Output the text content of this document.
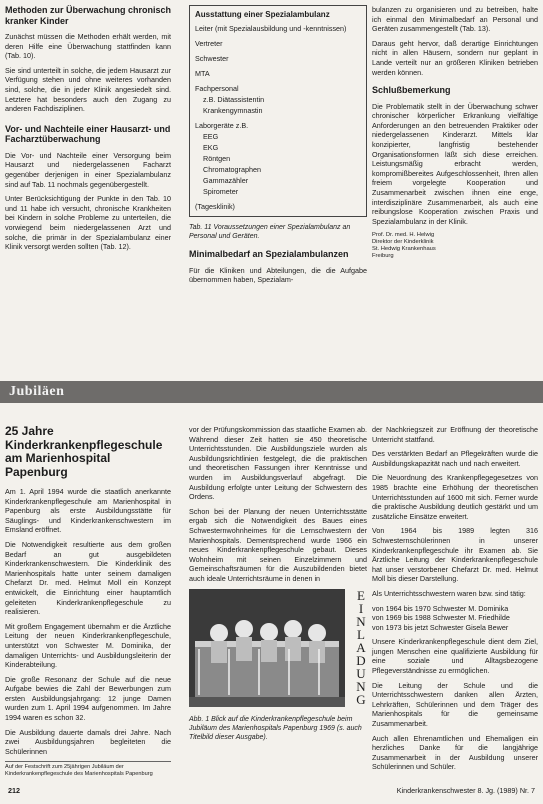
Methoden zur Überwachung chronisch kranker Kinder

Zunächst müssen die Methoden erhält werden, mit deren Hilfe eine Überwachung stattfinden kann (Tab. 10).

Sie sind unterteilt in solche, die jedem Hausarzt zur Verfügung stehen und ohne weiteres vorhanden sind, solche, die in jeder Klinik angesiedelt sind. Letztere hat besonders auch den Zugang zu anderen Fachdisziplinen.

Vor- und Nachteile einer Hausarzt- und Facharztüberwachung

Die Vor- und Nachteile einer Versorgung beim Hausarzt und niedergelassenen Facharzt gegenüber derjenigen in einer Spezialambulanz sind auf Tab. 11 nochmals gegenübergestellt.

Unter Berücksichtigung der Punkte in den Tab. 10 und 11 habe ich versucht, chronische Krankheiten bei Kindern in solche Probleme zu unterteilen, die vorwiegend beim niedergelassenen Arzt und solche, die primär in der Spezialambulanz einer Klinik versorgt werden sollten (Tab. 12).

Ausstattung einer Spezialambulanz
Leiter (mit Spezialausbildung und -kenntnissen)
Vertreter
Schwester
MTA
Fachpersonal
z.B. Diätassistentin
Krankengymnastin
Laborgeräte z.B.
EEG
EKG
Röntgen
Chromatographen
Gammazähler
Spirometer
(Tagesklinik)
Tab. 11 Voraussetzungen einer Spezialambulanz an Personal und Geräten.
Minimalbedarf an Spezialambulanzen

Für die Kliniken und Abteilungen, die die Aufgabe übernommen haben, Spezialam-

bulanzen zu organisieren und zu betreiben, halte ich einmal den Minimalbedarf an Personal und Geräten zusammengestellt (Tab. 13).

Daraus geht hervor, daß derartige Einrichtungen nicht in allen Häusern, sondern nur geplant in Lande verteilt nur an größeren Kliniken betrieben werden können.

Schlußbemerkung

Die Problematik stellt in der Überwachung schwer chronischer körperlicher Erkrankung vielfältige Anforderungen an den betreuenden Praktiker oder niedergelassenen Kinderarzt. Mittels klar konzipierter, langfristig bestehender Organisationsformen läßt sich diese erreichen. Leistungsmäßig erbracht werden, kompromißbereites Aufgeschlossenheit, Ihren allen freiem vorgelegte Kooperation und Zusammenarbeit zwischen ihnen eine enge, interdisziplinäre Zusammenarbeit, als auch eine reibungslose Kooperation zwischen Praxis und Spezialambulanz in der Klinik.

Prof. Dr. med. H. Helwig
Direktor der Kinderklinik
St. Hedwig Krankenhaus
Freiburg
Jubiläen
25 Jahre Kinderkrankenpflegeschule am Marienhospital Papenburg

Am 1. April 1994 wurde die staatlich anerkannte Kinderkrankenpflegeschule am Marienhospital in Papenburg als erste Ausbildungsstätte für Säuglings- und Kinderkrankenschwestern im Emsland eröffnet.

Die Notwendigkeit resultierte aus dem großen Bedarf an gut ausgebildeten Kinderkrankenschwestern. Die Kinderklinik des Marienhospitals hatte unter seinem damaligen Chefarzt Dr. med. Helmut Moll ein Konzept entwickelt, die Einrichtung einer hauptamtlich geleiteten Kinderkrankenpflegeschule zu realisieren.

Mit großem Engagement übernahm er die Ärztliche Leitung der neuen Kinderkrankenpflegeschule, unterstützt von Schwester M. Dominika, der damaligen Unterrichts- und Ausbildungsleiterin der Kinderabteilung.

Die große Resonanz der Schule auf die neue Aufgabe bewies die Zahl der Bewerbungen zum ersten Ausbildungsjahrgang: 12 junge Damen wurden zum 1. April 1994 aufgenommen. Im Jahre 1994 waren es schon 32.

Die Ausbildung dauerte damals drei Jahre. Nach zwei Ausbildungsjahren begleiteten die Schülerinnen

Auf der Festschrift zum 25jährigen Jubiläum der Kinderkrankenpflegeschule des Marienhospitals Papenburg

vor der Prüfungskommission das staatliche Examen ab. Während dieser Zeit hatten sie 450 theoretische Unterrichtsstunden. Die Ausbildungsziele wurden als Ausbildungsrichtlinien festgelegt, die die praktischen und theoretischen Fassungen ihrer Kenntnisse und wurden im Ausbildungsverlauf abgefragt. Die Ausbildung erfolgte unter Leitung der Schwestern des Ordens.

Schon bei der Planung der neuen Unterrichtsstätte ergab sich die Notwendigkeit des Baues eines Schwesternwohnheimes für die Lernschwestern der Marienhospitals. Dementsprechend wurde 1966 ein neues Kinderkrankenpflegeschule gebaut. Dieses Wohnheim mit seinen Einzelzimmern und Gemeinschaftsräumen für die Auszubildenden bietet auch ideale Unterrichtsräume in denen in

E
I
N
L
A
D
U
N
G
Abb. 1 Blick auf die Kinderkrankenpflegeschule beim Jubiläum des Marienhospitals Papenburg 1969 (s. auch Titelbild dieser Ausgabe).

der Nachkriegszeit zur Eröffnung der theoretische Unterricht stattfand.

Des verstärkten Bedarf an Pflegekräften wurde die Ausbildungskapazität nach und nach erweitert.

Die Neuordnung des Krankenpflegegesetzes von 1985 brachte eine Erhöhung der theoretischen Unterrichtsstunden auf 1600 mit sich. Ferner wurde die praktische Ausbildung deutlich gestärkt und um zusätzliche Einsätze erweitert.

Von 1964 bis 1989 legten 316 Schwesternschülerinnen in unserer Kinderkrankenpflegeschule ihr Examen ab. Sie Ärztliche Leitung der Kinderkrankenpflegeschule hat unser verstorbener Chefarzt Dr. med. Helmut Moll bis dieser Darstellung.

Als Unterrichtsschwestern waren bzw. sind tätig:

von 1964 bis 1970 Schwester M. Dominika
von 1969 bis 1988 Schwester M. Friedhilde
von 1973 bis jetzt Schwester Gisela Bewer

Unsere Kinderkrankenpflegeschule dient dem Ziel, jungen Menschen eine qualifizierte Ausbildung für eine soziale und Alltagsbezogene Pflegeverständnisse zu ermöglichen.

Die Leitung der Schule und die Unterrichtsschwestern danken allen Ärzten, Lehrkräften, Schülerinnen und dem Träger des Marienhospitals für die gemeinsame Zusammenarbeit.

Auch allen Ehrenamtlichen und Ehemaligen ein herzliches Danke für die langjährige Zusammenarbeit in der Ausbildung unserer Schülerinnen und Schüler.

212	Kinderkrankenschwester 8. Jg. (1989) Nr. 7
